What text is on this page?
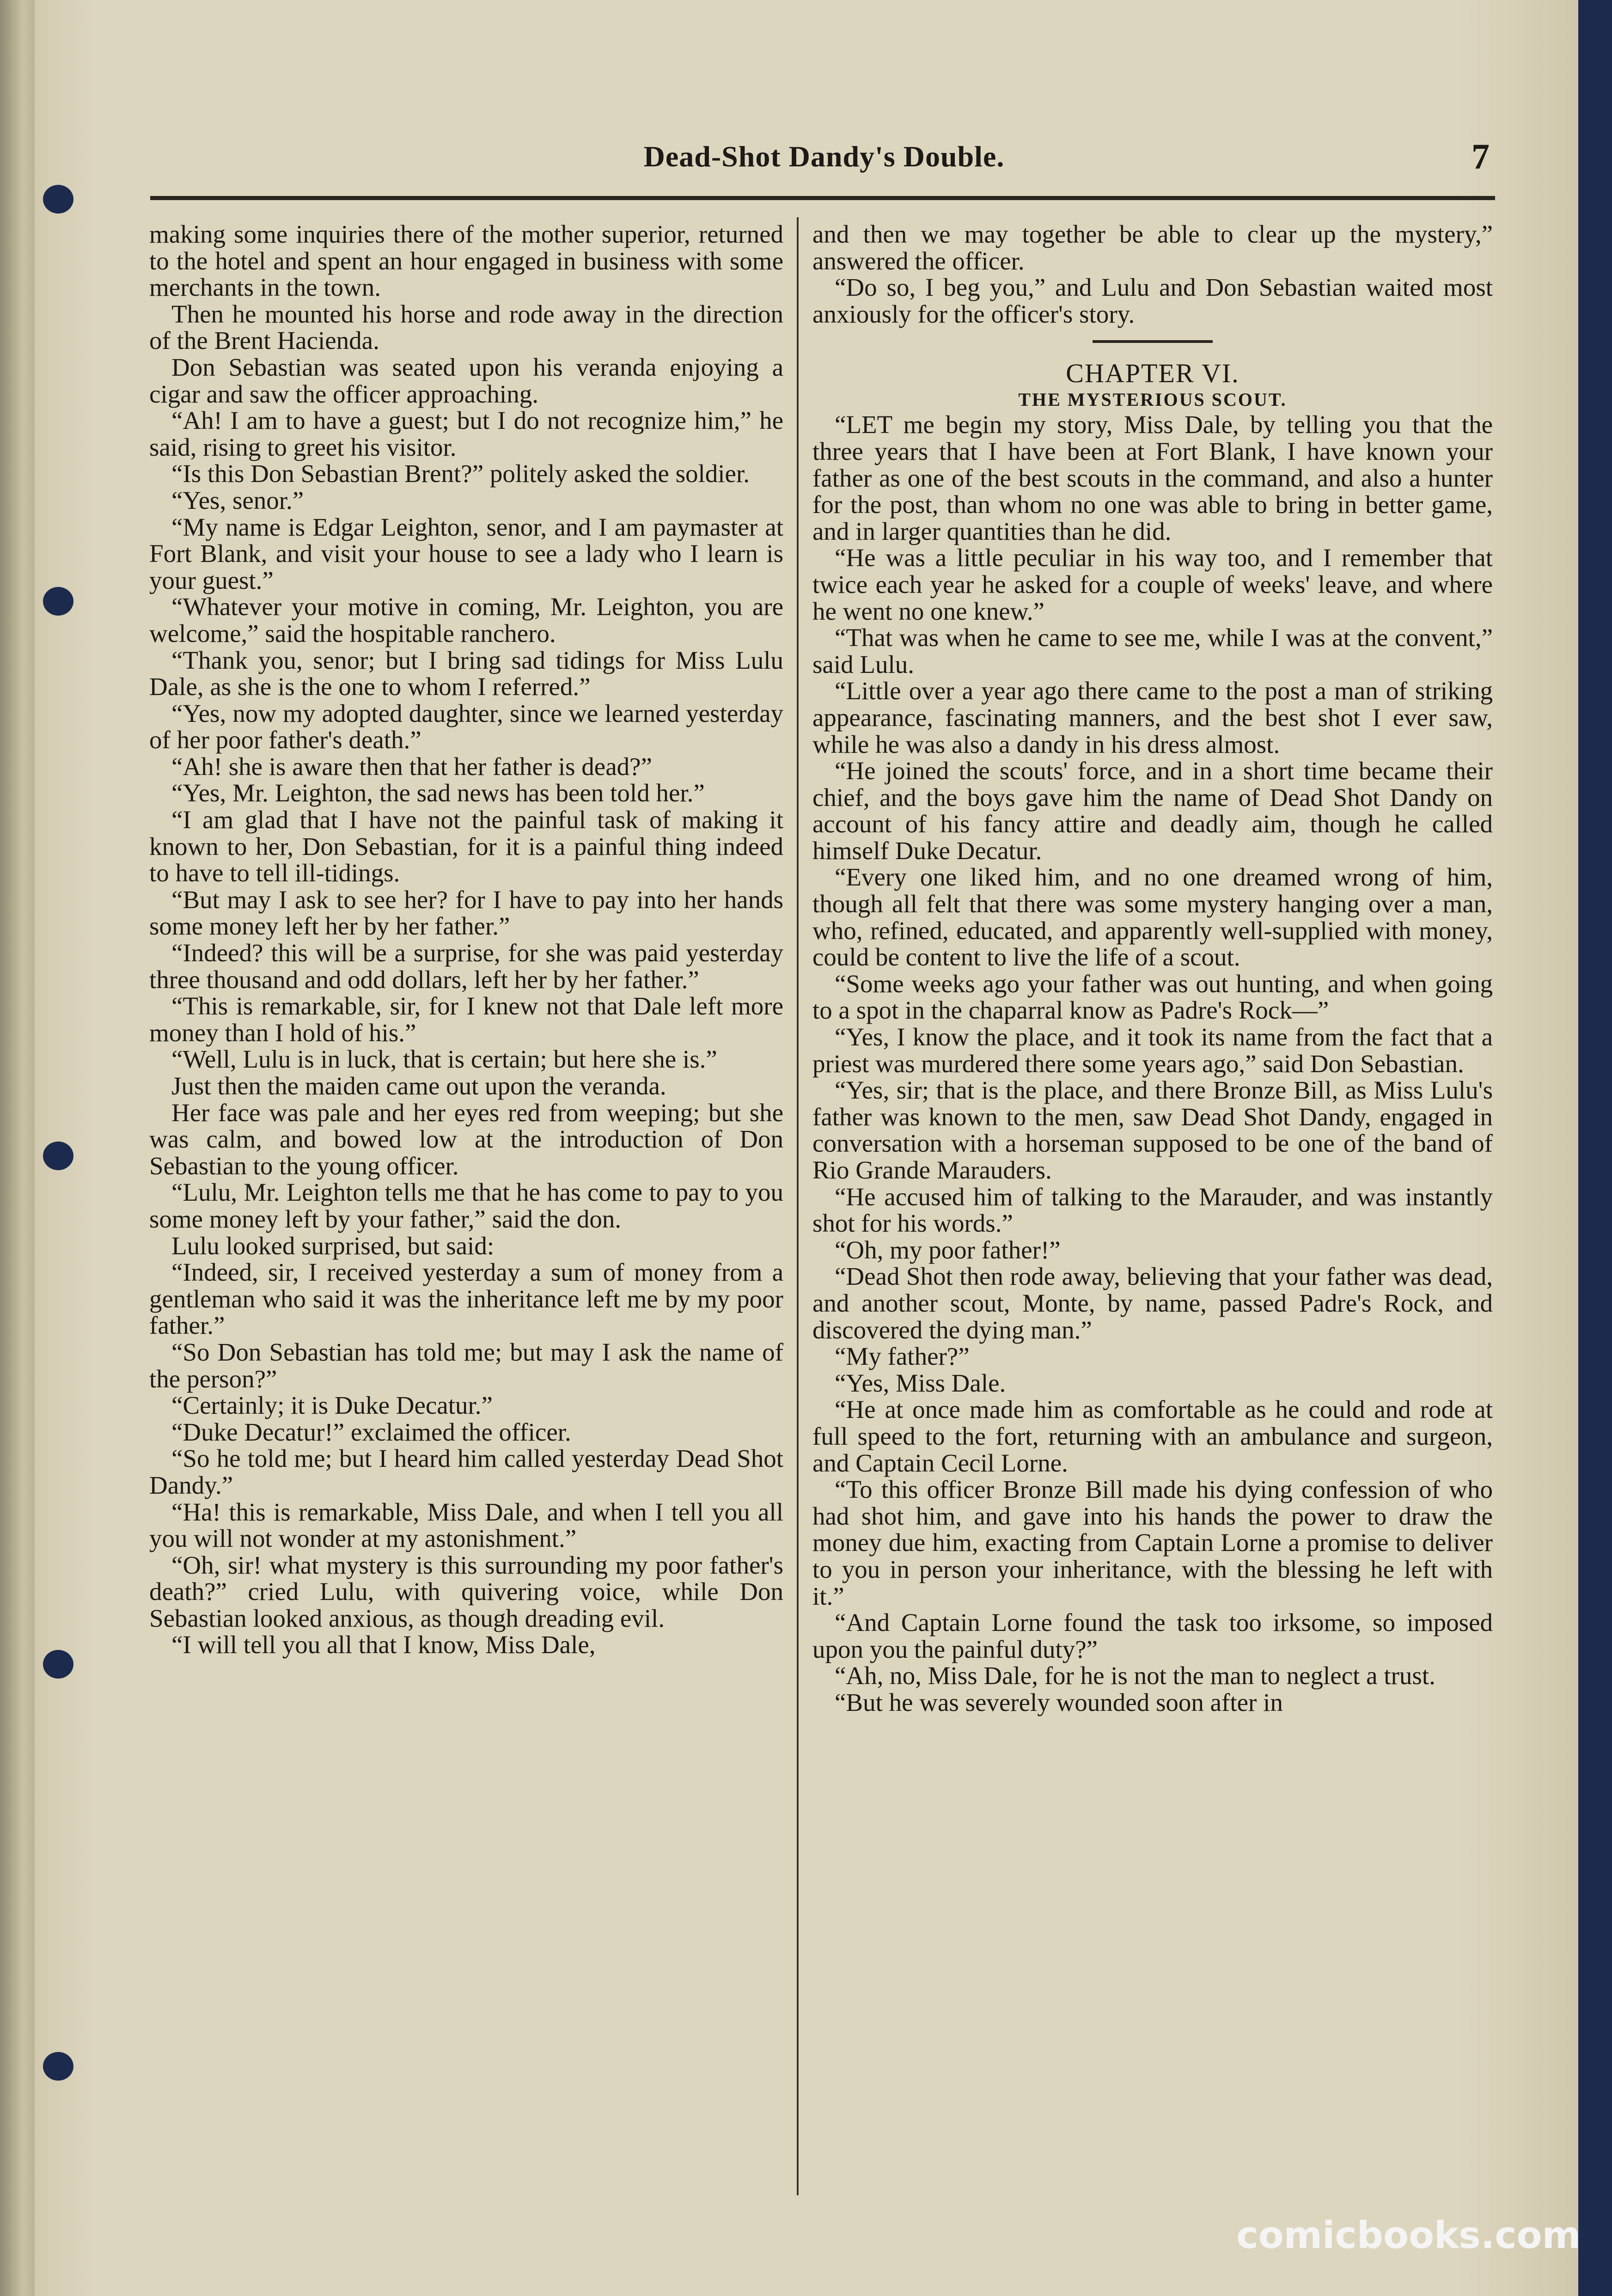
Dead-Shot Dandy's Double.	7

making some inquiries there of the mother superior, returned to the hotel and spent an hour engaged in business with some merchants in the town.

Then he mounted his horse and rode away in the direction of the Brent Hacienda.

Don Sebastian was seated upon his veranda enjoying a cigar and saw the officer approaching.

“Ah! I am to have a guest; but I do not recognize him,” he said, rising to greet his visitor.

“Is this Don Sebastian Brent?” politely asked the soldier.

“Yes, senor.”

“My name is Edgar Leighton, senor, and I am paymaster at Fort Blank, and visit your house to see a lady who I learn is your guest.”

“Whatever your motive in coming, Mr. Leighton, you are welcome,” said the hospitable ranchero.

“Thank you, senor; but I bring sad tidings for Miss Lulu Dale, as she is the one to whom I referred.”

“Yes, now my adopted daughter, since we learned yesterday of her poor father's death.”

“Ah! she is aware then that her father is dead?”

“Yes, Mr. Leighton, the sad news has been told her.”

“I am glad that I have not the painful task of making it known to her, Don Sebastian, for it is a painful thing indeed to have to tell ill-tidings.

“But may I ask to see her? for I have to pay into her hands some money left her by her father.”

“Indeed? this will be a surprise, for she was paid yesterday three thousand and odd dollars, left her by her father.”

“This is remarkable, sir, for I knew not that Dale left more money than I hold of his.”

“Well, Lulu is in luck, that is certain; but here she is.”

Just then the maiden came out upon the veranda.

Her face was pale and her eyes red from weeping; but she was calm, and bowed low at the introduction of Don Sebastian to the young officer.

“Lulu, Mr. Leighton tells me that he has come to pay to you some money left by your father,” said the don.

Lulu looked surprised, but said:

“Indeed, sir, I received yesterday a sum of money from a gentleman who said it was the inheritance left me by my poor father.”

“So Don Sebastian has told me; but may I ask the name of the person?”

“Certainly; it is Duke Decatur.”

“Duke Decatur!” exclaimed the officer.

“So he told me; but I heard him called yesterday Dead Shot Dandy.”

“Ha! this is remarkable, Miss Dale, and when I tell you all you will not wonder at my astonishment.”

“Oh, sir! what mystery is this surrounding my poor father's death?” cried Lulu, with quivering voice, while Don Sebastian looked anxious, as though dreading evil.

“I will tell you all that I know, Miss Dale,

and then we may together be able to clear up the mystery,” answered the officer.

“Do so, I beg you,” and Lulu and Don Sebastian waited most anxiously for the officer's story.

CHAPTER VI.

THE MYSTERIOUS SCOUT.

“LET me begin my story, Miss Dale, by telling you that the three years that I have been at Fort Blank, I have known your father as one of the best scouts in the command, and also a hunter for the post, than whom no one was able to bring in better game, and in larger quantities than he did.

“He was a little peculiar in his way too, and I remember that twice each year he asked for a couple of weeks' leave, and where he went no one knew.”

“That was when he came to see me, while I was at the convent,” said Lulu.

“Little over a year ago there came to the post a man of striking appearance, fascinating manners, and the best shot I ever saw, while he was also a dandy in his dress almost.

“He joined the scouts' force, and in a short time became their chief, and the boys gave him the name of Dead Shot Dandy on account of his fancy attire and deadly aim, though he called himself Duke Decatur.

“Every one liked him, and no one dreamed wrong of him, though all felt that there was some mystery hanging over a man, who, refined, educated, and apparently well-supplied with money, could be content to live the life of a scout.

“Some weeks ago your father was out hunting, and when going to a spot in the chaparral know as Padre's Rock—”

“Yes, I know the place, and it took its name from the fact that a priest was murdered there some years ago,” said Don Sebastian.

“Yes, sir; that is the place, and there Bronze Bill, as Miss Lulu's father was known to the men, saw Dead Shot Dandy, engaged in conversation with a horseman supposed to be one of the band of Rio Grande Marauders.

“He accused him of talking to the Marauder, and was instantly shot for his words.”

“Oh, my poor father!”

“Dead Shot then rode away, believing that your father was dead, and another scout, Monte, by name, passed Padre's Rock, and discovered the dying man.”

“My father?”

“Yes, Miss Dale.

“He at once made him as comfortable as he could and rode at full speed to the fort, returning with an ambulance and surgeon, and Captain Cecil Lorne.

“To this officer Bronze Bill made his dying confession of who had shot him, and gave into his hands the power to draw the money due him, exacting from Captain Lorne a promise to deliver to you in person your inheritance, with the blessing he left with it.”

“And Captain Lorne found the task too irksome, so imposed upon you the painful duty?”

“Ah, no, Miss Dale, for he is not the man to neglect a trust.

“But he was severely wounded soon after in

comicbooks.com
